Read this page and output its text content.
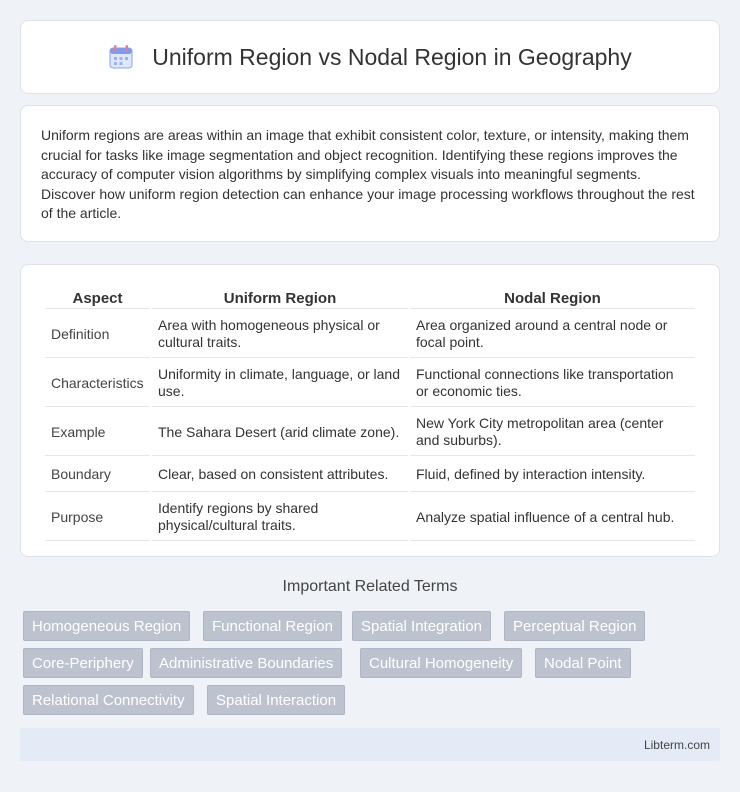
Uniform Region vs Nodal Region in Geography

Uniform regions are areas within an image that exhibit consistent color, texture, or intensity, making them crucial for tasks like image segmentation and object recognition. Identifying these regions improves the accuracy of computer vision algorithms by simplifying complex visuals into meaningful segments. Discover how uniform region detection can enhance your image processing workflows throughout the rest of the article.

Aspect	Uniform Region	Nodal Region
Definition	Area with homogeneous physical or cultural traits.	Area organized around a central node or focal point.
Characteristics	Uniformity in climate, language, or land use.	Functional connections like transportation or economic ties.
Example	The Sahara Desert (arid climate zone).	New York City metropolitan area (center and suburbs).
Boundary	Clear, based on consistent attributes.	Fluid, defined by interaction intensity.
Purpose	Identify regions by shared physical/cultural traits.	Analyze spatial influence of a central hub.
Important Related Terms
Homogeneous Region	Functional Region	Spatial Integration	Perceptual Region
Core-Periphery	Administrative Boundaries	Cultural Homogeneity	Nodal Point
Relational Connectivity	Spatial Interaction
Libterm.com
